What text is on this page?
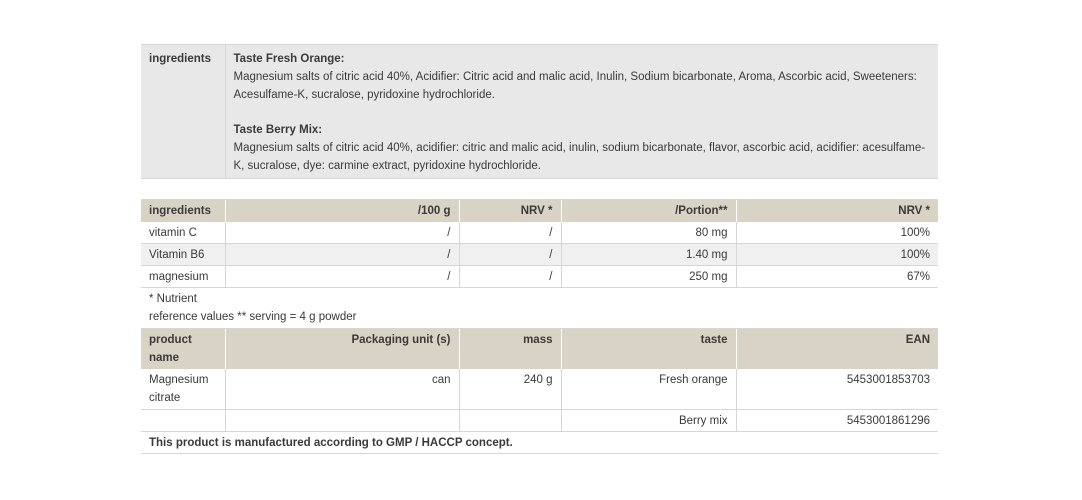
ingredients	Taste Fresh Orange:
Magnesium salts of citric acid 40%, Acidifier: Citric acid and malic acid, Inulin, Sodium bicarbonate, Aroma, Ascorbic acid, Sweeteners: Acesulfame-K, sucralose, pyridoxine hydrochloride.
Taste Berry Mix:
Magnesium salts of citric acid 40%, acidifier: citric and malic acid, inulin, sodium bicarbonate, flavor, ascorbic acid, acidifier: acesulfame-K, sucralose, dye: carmine extract, pyridoxine hydrochloride.			

ingredients	/100 g	NRV *	/Portion**	NRV *
vitamin C	/	/	80 mg	100%
Vitamin B6	/	/	1.40 mg	100%
magnesium	/	/	250 mg	67%

* Nutrient
reference values ** serving = 4 g powder				

product name	Packaging unit (s)	mass	taste	EAN
Magnesium citrate	can	240 g	Fresh orange	5453001853703
			Berry mix	5453001861296
This product is manufactured according to GMP / HACCP concept.				
